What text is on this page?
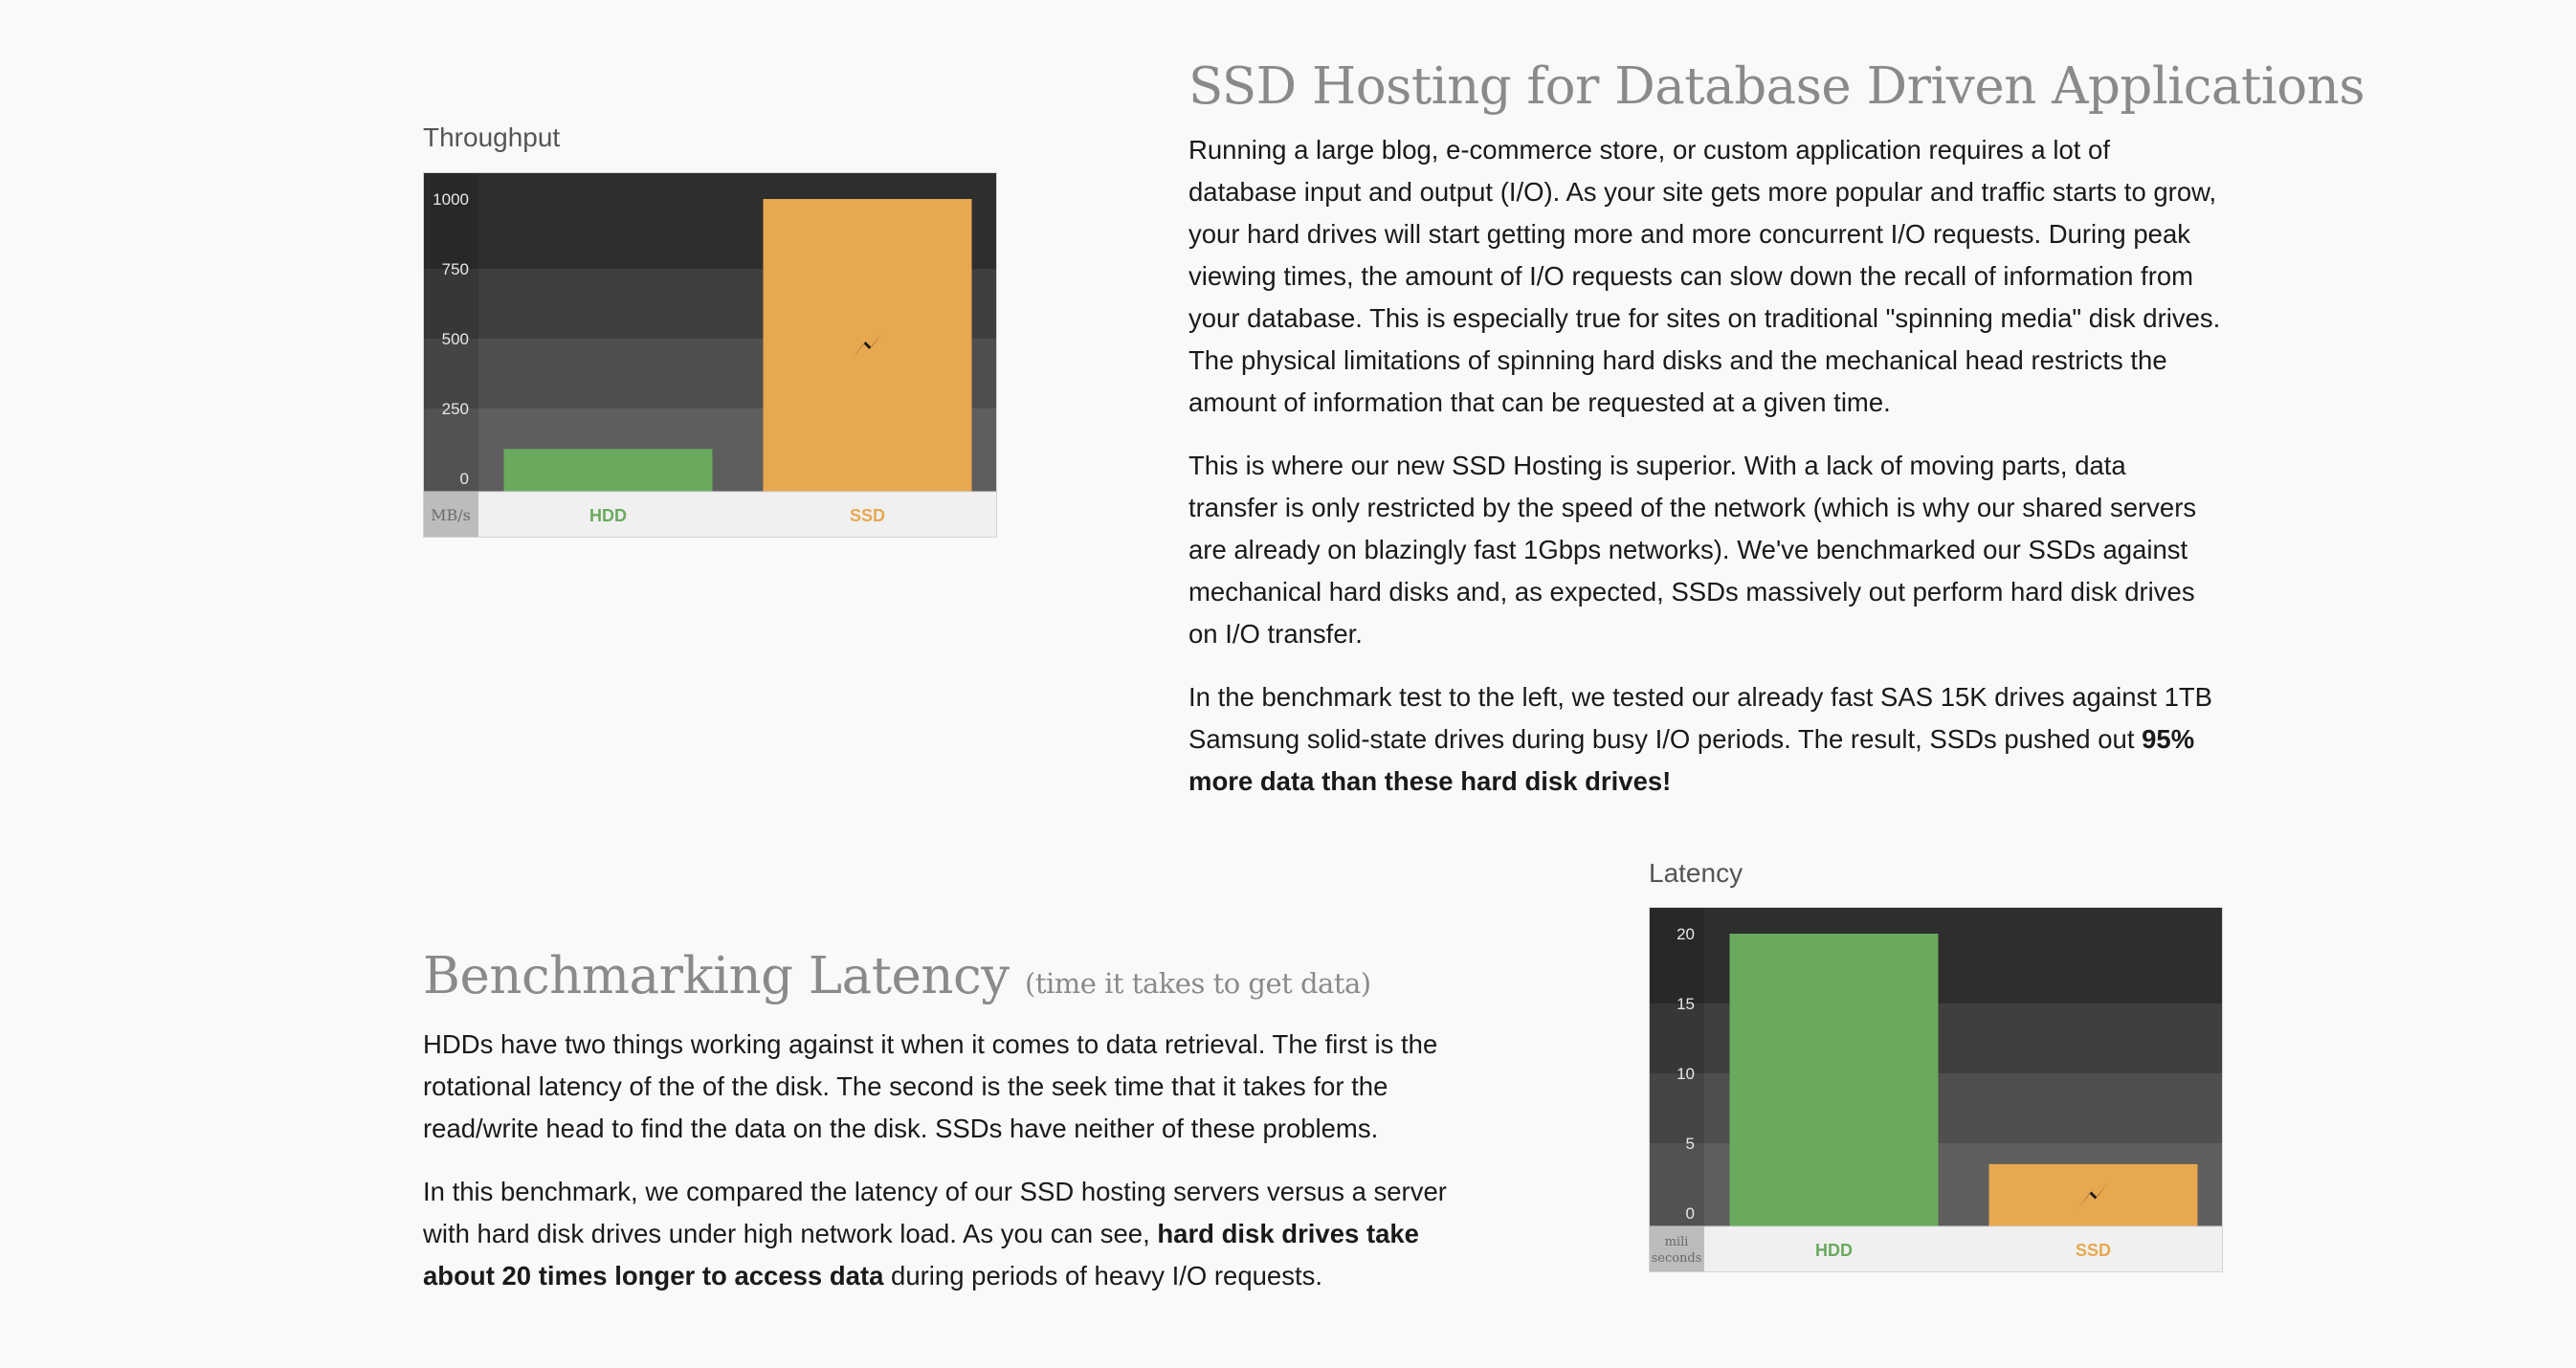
SSD Hosting for Database Driven Applications

Running a large blog, e-commerce store, or custom application requires a lot of database input and output (I/O). As your site gets more popular and traffic starts to grow, your hard drives will start getting more and more concurrent I/O requests. During peak viewing times, the amount of I/O requests can slow down the recall of information from your database. This is especially true for sites on traditional "spinning media" disk drives. The physical limitations of spinning hard disks and the mechanical head restricts the amount of information that can be requested at a given time.

This is where our new SSD Hosting is superior. With a lack of moving parts, data transfer is only restricted by the speed of the network (which is why our shared servers are already on blazingly fast 1Gbps networks). We've benchmarked our SSDs against mechanical hard disks and, as expected, SSDs massively out perform hard disk drives on I/O transfer.

In the benchmark test to the left, we tested our already fast SAS 15K drives against 1TB Samsung solid-state drives during busy I/O periods. The result, SSDs pushed out 95% more data than these hard disk drives!

Throughput
0
250
500
750
1000
MB/s	HDD	SSD
Benchmarking Latency (time it takes to get data)

HDDs have two things working against it when it comes to data retrieval. The first is the rotational latency of the of the disk. The second is the seek time that it takes for the read/write head to find the data on the disk. SSDs have neither of these problems.

In this benchmark, we compared the latency of our SSD hosting servers versus a server with hard disk drives under high network load. As you can see, hard disk drives take about 20 times longer to access data during periods of heavy I/O requests.

Latency
0
5
10
15
20
mili
seconds	HDD	SSD
